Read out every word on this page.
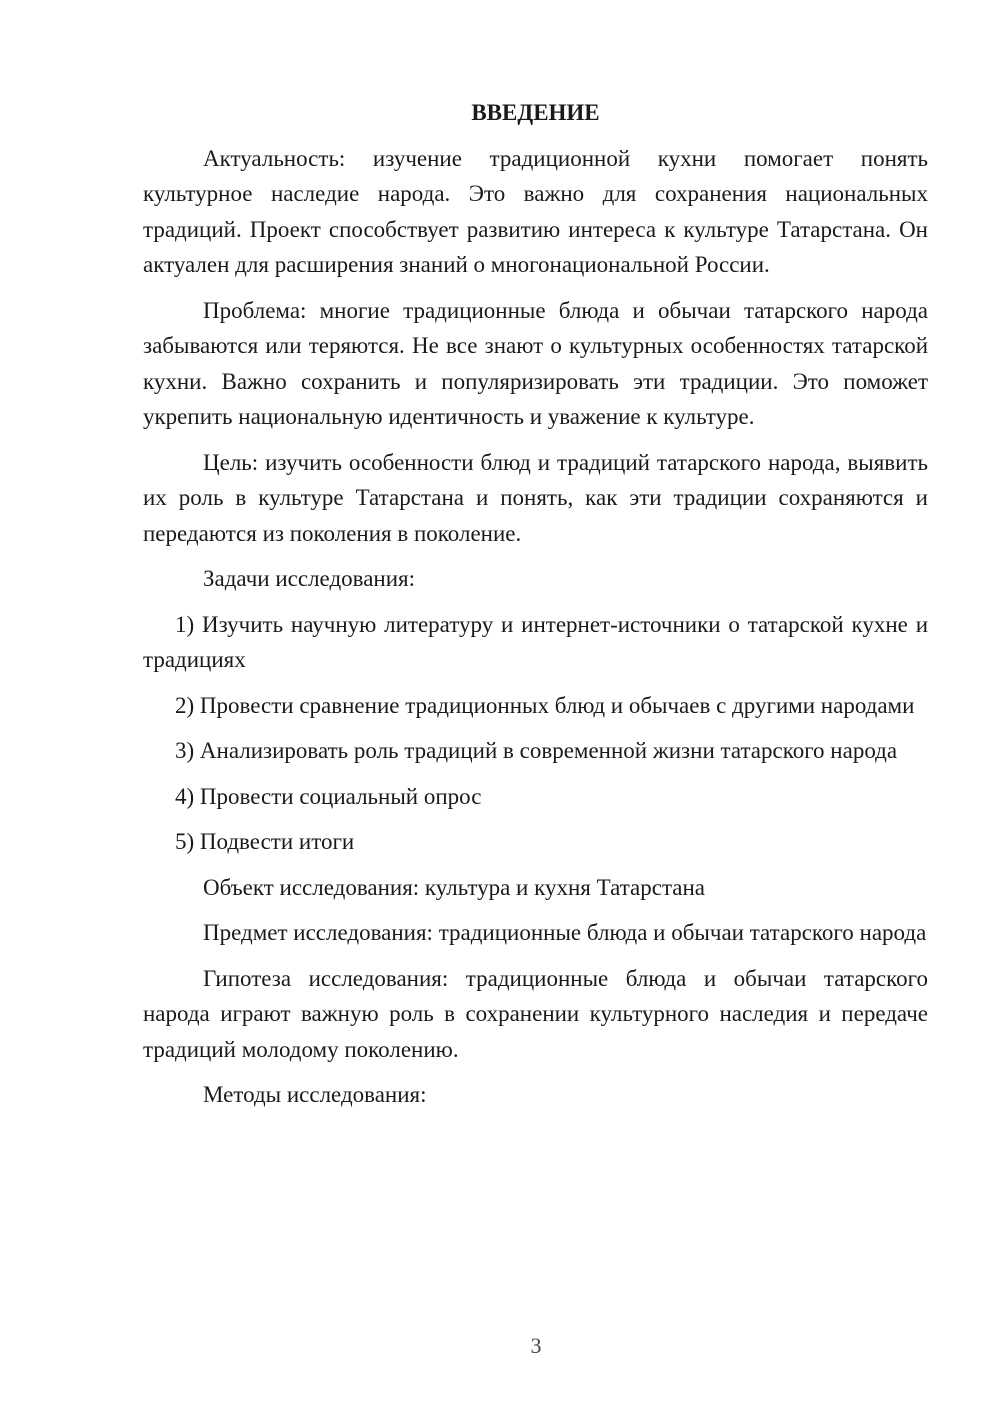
ВВЕДЕНИЕ

Актуальность: изучение традиционной кухни помогает понять культурное наследие народа. Это важно для сохранения национальных традиций. Проект способствует развитию интереса к культуре Татарстана. Он актуален для расширения знаний о многонациональной России.

Проблема: многие традиционные блюда и обычаи татарского народа забываются или теряются. Не все знают о культурных особенностях татарской кухни. Важно сохранить и популяризировать эти традиции. Это поможет укрепить национальную идентичность и уважение к культуре.

Цель: изучить особенности блюд и традиций татарского народа, выявить их роль в культуре Татарстана и понять, как эти традиции сохраняются и передаются из поколения в поколение.

Задачи исследования:

1) Изучить научную литературу и интернет-источники о татарской кухне и традициях

2) Провести сравнение традиционных блюд и обычаев с другими народами

3) Анализировать роль традиций в современной жизни татарского народа

4) Провести социальный опрос

5) Подвести итоги

Объект исследования: культура и кухня Татарстана

Предмет исследования: традиционные блюда и обычаи татарского народа

Гипотеза исследования: традиционные блюда и обычаи татарского народа играют важную роль в сохранении культурного наследия и передаче традиций молодому поколению.

Методы исследования:

3
